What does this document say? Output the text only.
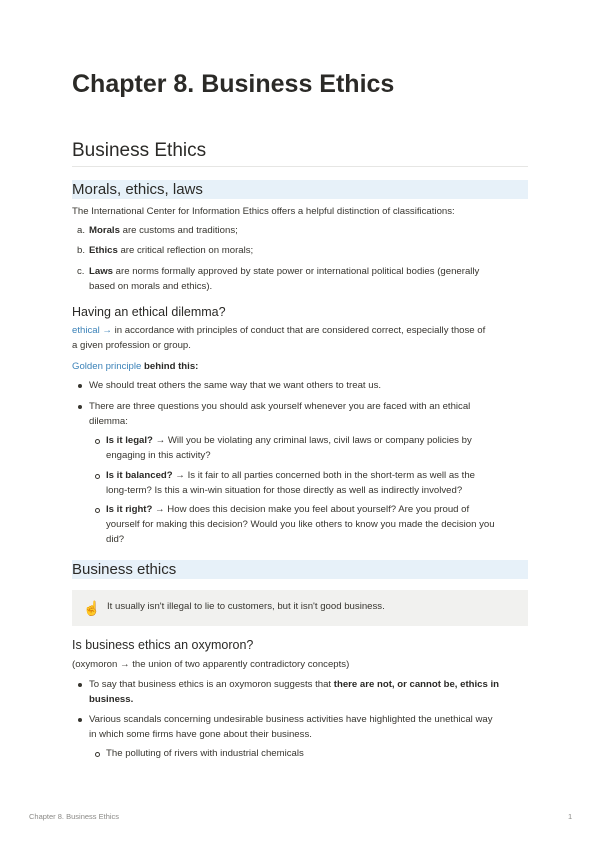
Chapter 8. Business Ethics
Business Ethics
Morals, ethics, laws

The International Center for Information Ethics offers a helpful distinction of classifications:

a. Morals are customs and traditions;
b. Ethics are critical reflection on morals;
c. Laws are norms formally approved by state power or international political bodies (generally
based on morals and ethics).
Having an ethical dilemma?

ethical → in accordance with principles of conduct that are considered correct, especially those of
a given profession or group.

Golden principle behind this:

We should treat others the same way that we want others to treat us.
There are three questions you should ask yourself whenever you are faced with an ethical
dilemma:
Is it legal? → Will you be violating any criminal laws, civil laws or company policies by
engaging in this activity?
Is it balanced? → Is it fair to all parties concerned both in the short-term as well as the
long-term? Is this a win-win situation for those directly as well as indirectly involved?
Is it right? → How does this decision make you feel about yourself? Are you proud of
yourself for making this decision? Would you like others to know you made the decision you
did?
Business ethics
☝️ It usually isn't illegal to lie to customers, but it isn't good business.
Is business ethics an oxymoron?

(oxymoron → the union of two apparently contradictory concepts)

To say that business ethics is an oxymoron suggests that there are not, or cannot be, ethics in
business.
Various scandals concerning undesirable business activities have highlighted the unethical way
in which some firms have gone about their business.
The polluting of rivers with industrial chemicals
Chapter 8. Business Ethics	1
